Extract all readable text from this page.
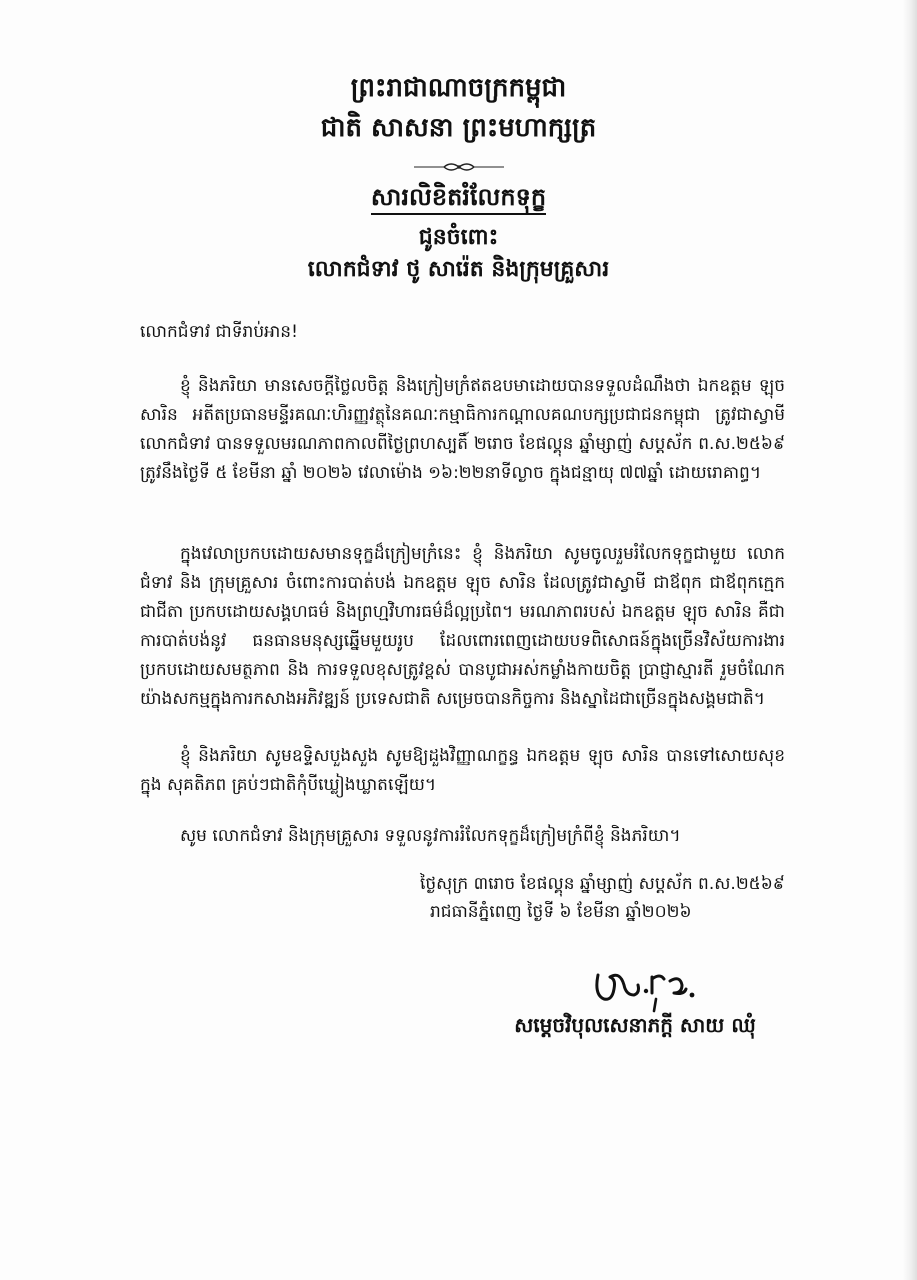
ព្រះរាជាណាចក្រកម្ពុជា

ជាតិ សាសនា ព្រះមហាក្សត្រ

សារលិខិតរំលែកទុក្ខ
ជូនចំពោះ
លោកជំទាវ ថូ សារ៉េត និងក្រុមគ្រួសារ

លោកជំទាវ ជាទីរាប់អាន!

ខ្ញុំ និងភរិយា មានសេចក្តីថ្លៃលចិត្ត និងក្រៀមក្រំឥតឧបមាដោយបានទទួលដំណឹងថា ឯកឧត្តម ឡុច សារិន អតីតប្រធានមន្ទីរគណៈហិរញ្ញវត្ថុនៃគណៈកម្មាធិការកណ្តាលគណបក្សប្រជាជនកម្ពុជា ត្រូវជាស្វាមី លោកជំទាវ បានទទួលមរណភាពកាលពីថ្ងៃព្រហស្បតិ៍ ២រោច ខែផល្គុន ឆ្នាំម្សាញ់ សប្តស័ក ព.ស.២៥៦៩ ត្រូវនឹងថ្ងៃទី ៥ ខែមីនា ឆ្នាំ ២០២៦ វេលាម៉ោង ១៦:២២នាទីល្ងាច ក្នុងជន្មាយុ ៧៧ឆ្នាំ ដោយរោគាព្ធ។

ក្នុងវេលាប្រកបដោយសមានទុក្ខដ៏ក្រៀមក្រំនេះ ខ្ញុំ និងភរិយា សូមចូលរួមរំលែកទុក្ខជាមួយ លោកជំទាវ និង ក្រុមគ្រួសារ ចំពោះការបាត់បង់ ឯកឧត្តម ឡុច សារិន ដែលត្រូវជាស្វាមី ជាឪពុក ជាឪពុកក្មេក ជាជីតា ប្រកបដោយសង្គហធម៌ និងព្រហ្មវិហារធម៌ដ៏ល្អប្រពៃ។ មរណភាពរបស់ ឯកឧត្តម ឡុច សារិន គឺជាការបាត់បង់នូវ ធនធានមនុស្សឆ្នើមមួយរូប ដែលពោរពេញដោយបទពិសោធន៍ក្នុងច្រើនវិស័យការងារ ប្រកបដោយសមត្ថភាព និង ការទទួលខុសត្រូវខ្ពស់ បានបូជាអស់កម្លាំងកាយចិត្ត ប្រាជ្ញាស្មារតី រួមចំណែកយ៉ាងសកម្មក្នុងការកសាងអភិវឌ្ឍន៍ ប្រទេសជាតិ សម្រេចបានកិច្ចការ និងស្នាដៃជាច្រើនក្នុងសង្គមជាតិ។

ខ្ញុំ និងភរិយា សូមឧទ្ទិសបួងសួង សូមឱ្យដួងវិញ្ញាណក្ខន្ធ ឯកឧត្តម ឡុច សារិន បានទៅសោយសុខក្នុង សុគតិភព គ្រប់ៗជាតិកុំបីឃ្លៀងឃ្លាតឡើយ។

សូម លោកជំទាវ និងក្រុមគ្រួសារ ទទួលនូវការរំលែកទុក្ខដ៏ក្រៀមក្រំពីខ្ញុំ និងភរិយា។

ថ្ងៃសុក្រ ៣រោច ខែផល្គុន ឆ្នាំម្សាញ់ សប្តស័ក ព.ស.២៥៦៩
រាជធានីភ្នំពេញ ថ្ងៃទី ៦ ខែមីនា ឆ្នាំ២០២៦
សម្តេចវិបុលសេនាភក្តី សាយ ឈុំ
